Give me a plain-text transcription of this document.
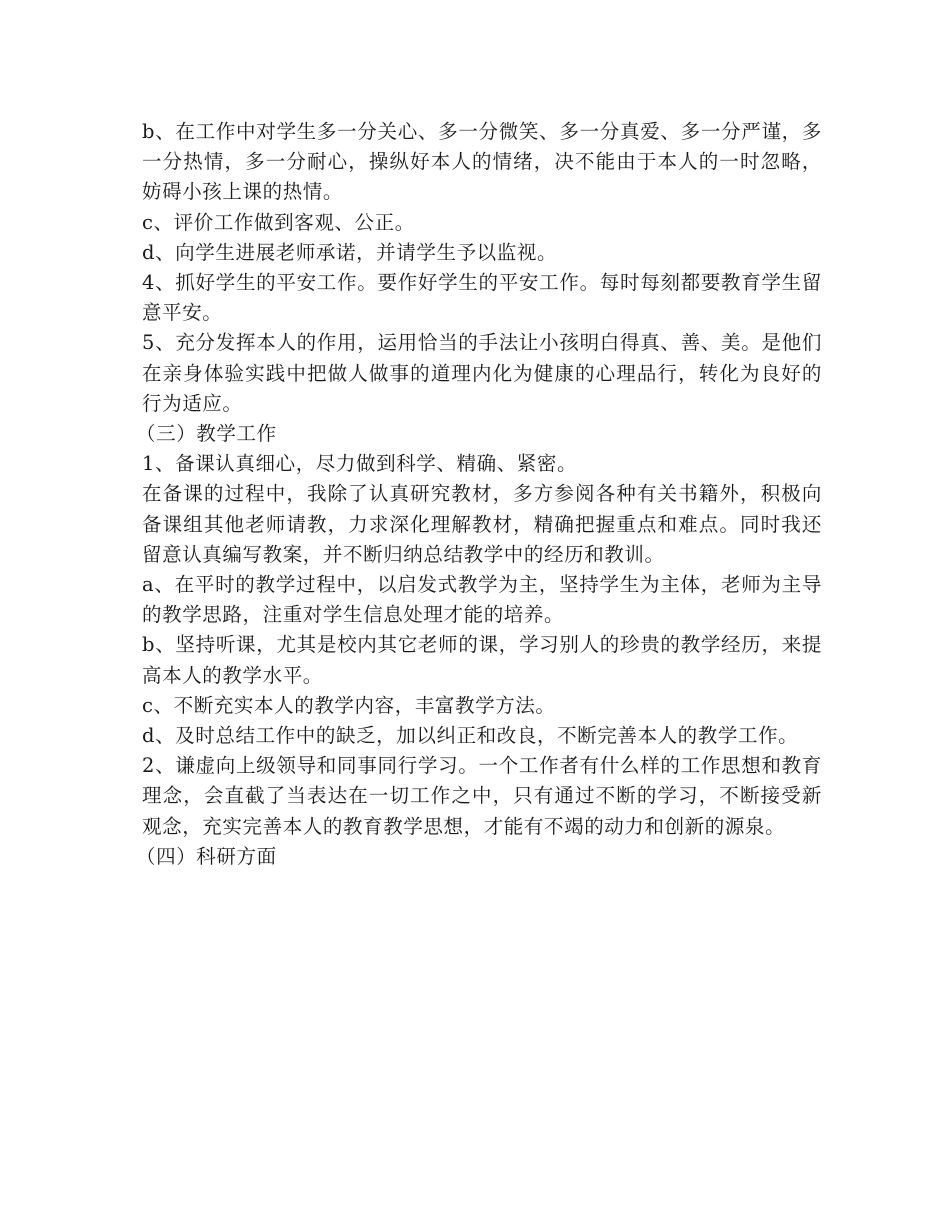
b、在工作中对学生多一分关心、多一分微笑、多一分真爱、多一分严谨，多一分热情，多一分耐心，操纵好本人的情绪，决不能由于本人的一时忽略，妨碍小孩上课的热情。

c、评价工作做到客观、公正。

d、向学生进展老师承诺，并请学生予以监视。

4、抓好学生的平安工作。要作好学生的平安工作。每时每刻都要教育学生留意平安。

5、充分发挥本人的作用，运用恰当的手法让小孩明白得真、善、美。是他们在亲身体验实践中把做人做事的道理内化为健康的心理品行，转化为良好的行为适应。

（三）教学工作

1、备课认真细心，尽力做到科学、精确、紧密。

在备课的过程中，我除了认真研究教材，多方参阅各种有关书籍外，积极向备课组其他老师请教，力求深化理解教材，精确把握重点和难点。同时我还留意认真编写教案，并不断归纳总结教学中的经历和教训。

a、在平时的教学过程中，以启发式教学为主，坚持学生为主体，老师为主导的教学思路，注重对学生信息处理才能的培养。

b、坚持听课，尤其是校内其它老师的课，学习别人的珍贵的教学经历，来提高本人的教学水平。

c、不断充实本人的教学内容，丰富教学方法。

d、及时总结工作中的缺乏，加以纠正和改良，不断完善本人的教学工作。

2、谦虚向上级领导和同事同行学习。一个工作者有什么样的工作思想和教育理念，会直截了当表达在一切工作之中，只有通过不断的学习，不断接受新观念，充实完善本人的教育教学思想，才能有不竭的动力和创新的源泉。

（四）科研方面
